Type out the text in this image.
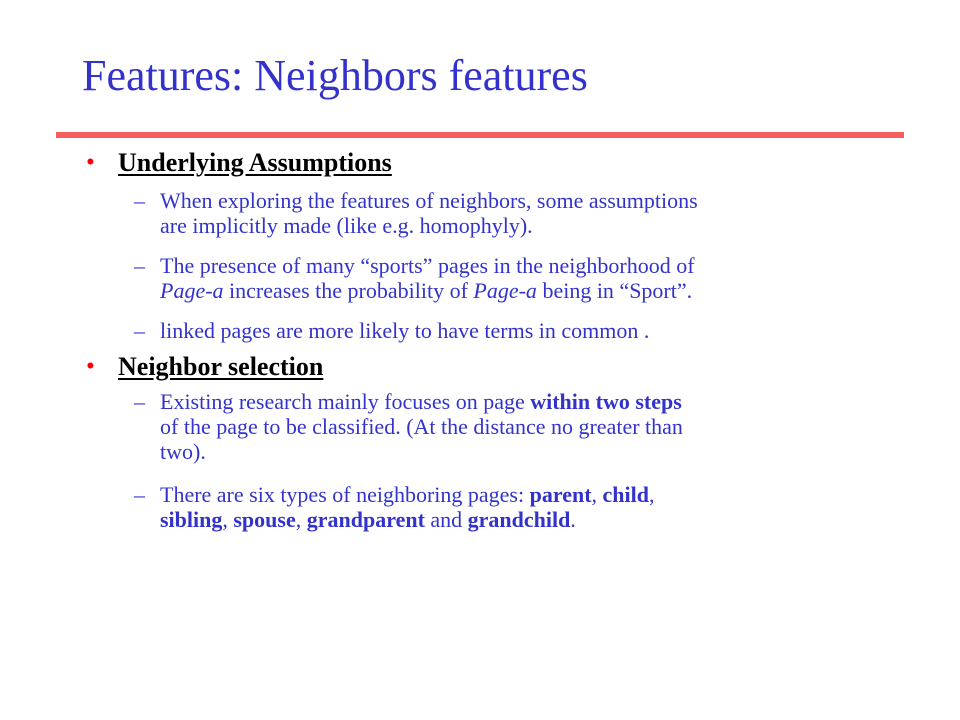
Features: Neighbors features
• Underlying Assumptions
– When exploring the features of neighbors, some assumptions
are implicitly made (like e.g. homophyly).
– The presence of many “sports” pages in the neighborhood of
Page-a increases the probability of Page-a being in “Sport”.
– linked pages are more likely to have terms in common .
• Neighbor selection
– Existing research mainly focuses on page within two steps
of the page to be classified. (At the distance no greater than
two).
– There are six types of neighboring pages: parent, child,
sibling, spouse, grandparent and grandchild.
